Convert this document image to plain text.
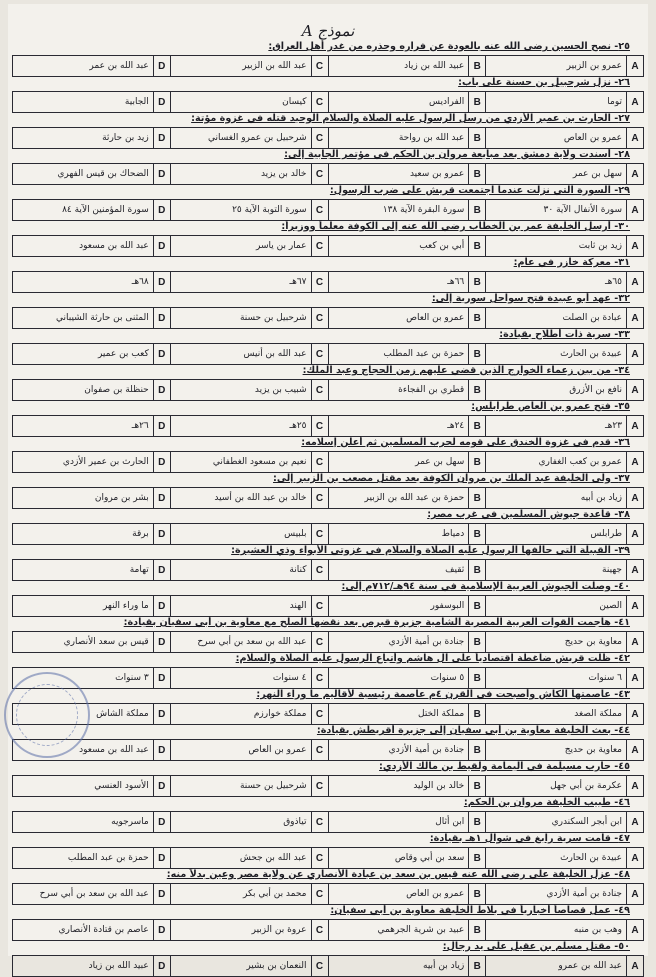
نموذج A
٢٥- نصح الحسين رضي الله عنه بالعودة عن فراره وحذره من غدر أهل العراق:
A
عمرو بن الزبير
B
عبيد الله بن زياد
C
عبد الله بن الزبير
D
عبد الله بن عمر
٢٦- نزل شرحبيل بن حسنة على باب:
A
توما
B
الفراديس
C
كيسان
D
الجابية
٢٧- الحارث بن عمير الأزدي من رسل الرسول عليه الصلاة والسلام الوحيد قتله في غزوة مؤتة:
A
عمرو بن العاص
B
عبد الله بن رواحة
C
شرحبيل بن عمرو الغساني
D
زيد بن حارثة
٢٨- أسندت ولاية دمشق بعد مبايعة مروان بن الحكم في مؤتمر الجابية إلى:
A
سهل بن عمر
B
عمرو بن سعيد
C
خالد بن يزيد
D
الضحاك بن قيس الفهري
٢٩- السورة التي نزلت عندما اجتمعت قريش على ضرب الرسول:
A
سورة الأنفال الآية ٣٠
B
سورة البقرة الآية ١٣٨
C
سورة التوبة الآية ٢٥
D
سورة المؤمنين الآية ٨٤
٣٠- أرسل الخليفة عمر بن الخطاب رضي الله عنه إلى الكوفة معلماً ووزيراً:
A
زيد بن ثابت
B
أبي بن كعب
C
عمار بن ياسر
D
عبد الله بن مسعود
٣١- معركة خازر في عام:
A
٦٥هـ
B
٦٦هـ
C
٦٧هـ
D
٦٨هـ
٣٢- عهد أبو عبيدة فتح سواحل سورية إلى:
A
عبادة بن الصلت
B
عمرو بن العاص
C
شرحبيل بن حسنة
D
المثنى بن حارثة الشيباني
٣٣- سرية ذات أطلاح بقيادة:
A
عبيدة بن الحارث
B
حمزة بن عبد المطلب
C
عبد الله بن أنيس
D
كعب بن عمير
٣٤- من بين زعماء الخوارج الذين قضي عليهم زمن الحجاج وعبد الملك:
A
نافع بن الأزرق
B
قطري بن الفجاءة
C
شبيب بن يزيد
D
حنظلة بن صفوان
٣٥- فتح عمرو بن العاص طرابلس:
A
٢٣هـ
B
٢٤هـ
C
٢٥هـ
D
٢٦هـ
٣٦- قدم في غزوة الخندق على قومه لحرب المسلمين ثم أعلن إسلامه:
A
عمرو بن كعب الغفاري
B
سهل بن عمر
C
نعيم بن مسعود الغطفاني
D
الحارث بن عمير الأزدي
٣٧- ولى الخليفة عبد الملك بن مروان الكوفة بعد مقتل مصعب بن الزبير إلى:
A
زياد بن أبيه
B
حمزة بن عبد الله بن الزبير
C
خالد بن عبد الله بن أسيد
D
بشر بن مروان
٣٨- قاعدة جيوش المسلمين في غرب مصر:
A
طرابلس
B
دمياط
C
بلبيس
D
برقة
٣٩- القبيلة التي حالفها الرسول عليه الصلاة والسلام في غزوتي الأبواء وذي العشيرة:
A
جهينة
B
ثقيف
C
كنانة
D
تهامة
٤٠- وصلت الجيوش العربية الإسلامية في سنة ٩٤هـ/٧١٢م إلى:
A
الصين
B
البوسفور
C
الهند
D
ما وراء النهر
٤١- هاجمت القوات العربية المصرية الشامية جزيرة قبرص بعد نقضها الصلح مع معاوية بن أبي سفيان بقيادة:
A
معاوية بن حديج
B
جنادة بن أمية الأزدي
C
عبد الله بن سعد بن أبي سرح
D
قيس بن سعد الأنصاري
٤٢- ظلت قريش ضاغطة اقتصادياً على آل هاشم وأتباع الرسول عليه الصلاة والسلام:
A
٦ سنوات
B
٥ سنوات
C
٤ سنوات
D
٣ سنوات
٤٣- عاصمتها الكاش وأصبحت في القرن ٤م عاصمة رئيسية لأقاليم ما وراء النهر:
A
مملكة الصغد
B
مملكة الختل
C
مملكة خوارزم
D
مملكة الشاش
٤٤- بعث الخليفة معاوية بن أبي سفيان إلى جزيرة أقريطش بقيادة:
A
معاوية بن حديج
B
جنادة بن أمية الأزدي
C
عمرو بن العاص
D
عبد الله بن مسعود
٤٥- حارب مسيلمة في اليمامة ولقيط بن مالك الأزدي:
A
عكرمة بن أبي جهل
B
خالد بن الوليد
C
شرحبيل بن حسنة
D
الأسود العنسي
٤٦- طبيب الخليفة مروان بن الحكم:
A
ابن أبجر السكندري
B
ابن أثال
C
تياذوق
D
ماسرجويه
٤٧- قامت سرية رابغ في شوال ١هـ بقيادة:
A
عبيدة بن الحارث
B
سعد بن أبي وقاص
C
عبد الله بن جحش
D
حمزة بن عبد المطلب
٤٨- عزل الخليفة علي رضي الله عنه قيس بن سعد بن عبادة الأنصاري عن ولاية مصر وعين بدلاً منه:
A
جنادة بن أمية الأزدي
B
عمرو بن العاص
C
محمد بن أبي بكر
D
عبد الله بن سعد بن أبي سرح
٤٩- عمل قصاصاً أخبارياً في بلاط الخليفة معاوية بن أبي سفيان:
A
وهب بن منبه
B
عبيد بن شرية الجرهمي
C
عروة بن الزبير
D
عاصم بن قتادة الأنصاري
٥٠- مقتل مسلم بن عقيل على يد رجال:
A
عبد الله بن عمرو
B
زياد بن أبيه
C
النعمان بن بشير
D
عبيد الله بن زياد
